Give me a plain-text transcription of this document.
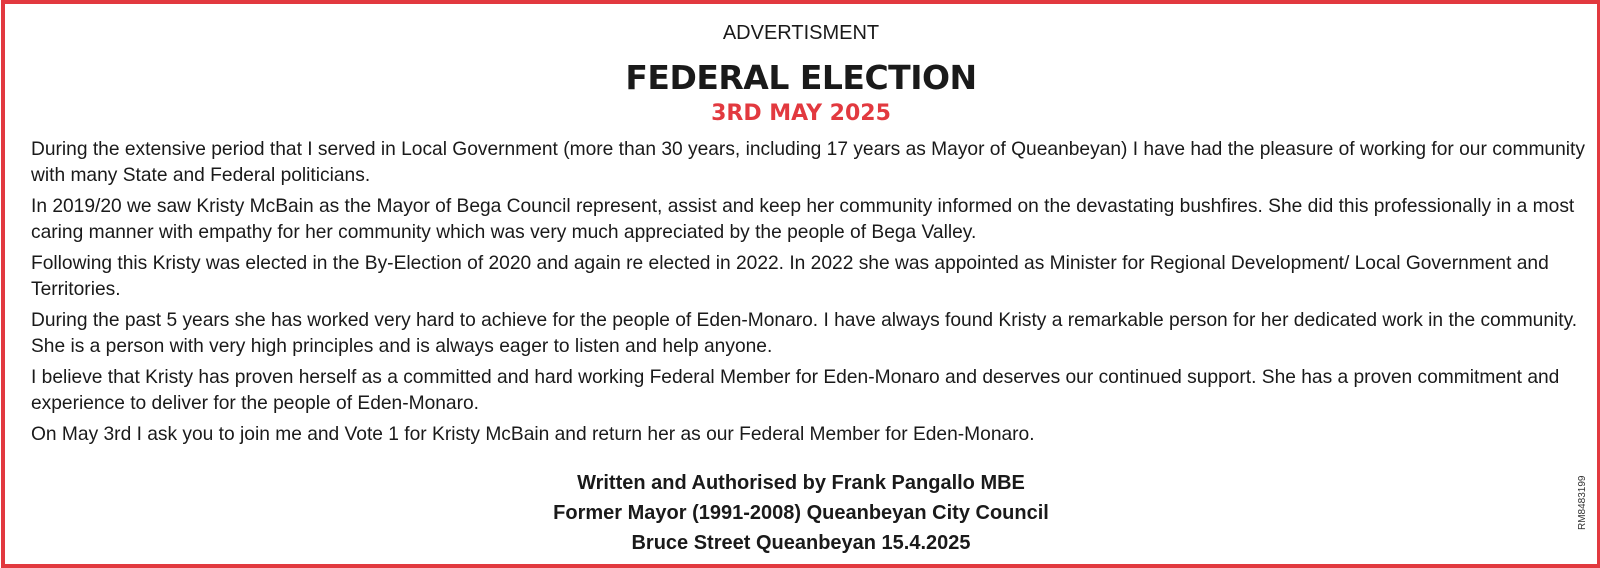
ADVERTISMENT
FEDERAL ELECTION
3RD MAY 2025

During the extensive period that I served in Local Government (more than 30 years, including 17 years as Mayor of Queanbeyan) I have had the pleasure of working for our community with many State and Federal politicians.

In 2019/20 we saw Kristy McBain as the Mayor of Bega Council represent, assist and keep her community informed on the devastating bushfires. She did this professionally in a most caring manner with empathy for her community which was very much appreciated by the people of Bega Valley.

Following this Kristy was elected in the By-Election of 2020 and again re elected in 2022. In 2022 she was appointed as Minister for Regional Development/ Local Government and Territories.

During the past 5 years she has worked very hard to achieve for the people of Eden-Monaro. I have always found Kristy a remarkable person for her dedicated work in the community. She is a person with very high principles and is always eager to listen and help anyone.

I believe that Kristy has proven herself as a committed and hard working Federal Member for Eden-Monaro and deserves our continued support. She has a proven commitment and experience to deliver for the people of Eden-Monaro.

On May 3rd I ask you to join me and Vote 1 for Kristy McBain and return her as our Federal Member for Eden-Monaro.

Written and Authorised by Frank Pangallo MBE
Former Mayor (1991-2008) Queanbeyan City Council
Bruce Street Queanbeyan 15.4.2025
RM8483199
